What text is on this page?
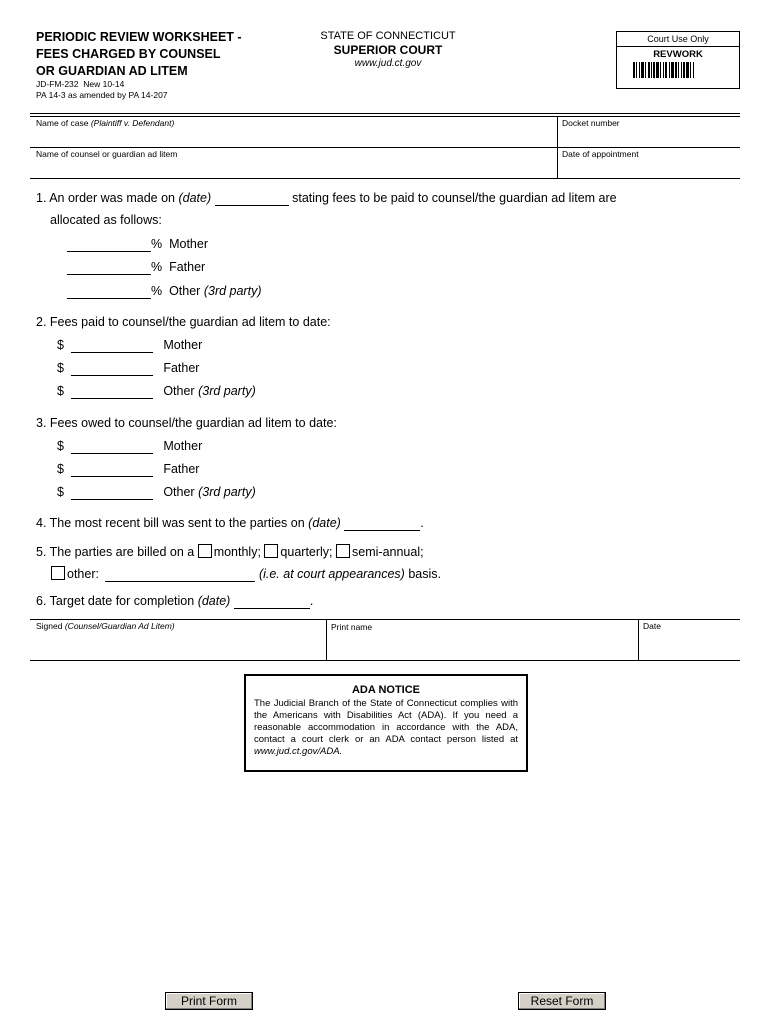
PERIODIC REVIEW WORKSHEET -
FEES CHARGED BY COUNSEL
OR GUARDIAN AD LITEM
JD-FM-232  New 10-14
PA 14-3 as amended by PA 14-207
STATE OF CONNECTICUT
SUPERIOR COURT
www.jud.ct.gov
Court Use Only
REVWORK
Name of case (Plaintiff v. Defendant)	Docket number
Name of counsel or guardian ad litem	Date of appointment
1. An order was made on (date)	stating fees to be paid to counsel/the guardian ad litem are
allocated as follows:
% Mother
% Father
% Other (3rd party)
2. Fees paid to counsel/the guardian ad litem to date:
$	Mother
$	Father
$	Other (3rd party)
3. Fees owed to counsel/the guardian ad litem to date:
$	Mother
$	Father
$	Other (3rd party)
4. The most recent bill was sent to the parties on (date)	.
5. The parties are billed on a monthly; quarterly; semi-annual;
other:	(i.e. at court appearances) basis.
6. Target date for completion (date)	.
Signed (Counsel/Guardian Ad Litem)	Print name	Date
ADA NOTICE
The Judicial Branch of the State of Connecticut complies with the Americans with Disabilities Act (ADA). If you need a reasonable accommodation in accordance with the ADA, contact a court clerk or an ADA contact person listed at www.jud.ct.gov/ADA.
Print Form	Reset Form
